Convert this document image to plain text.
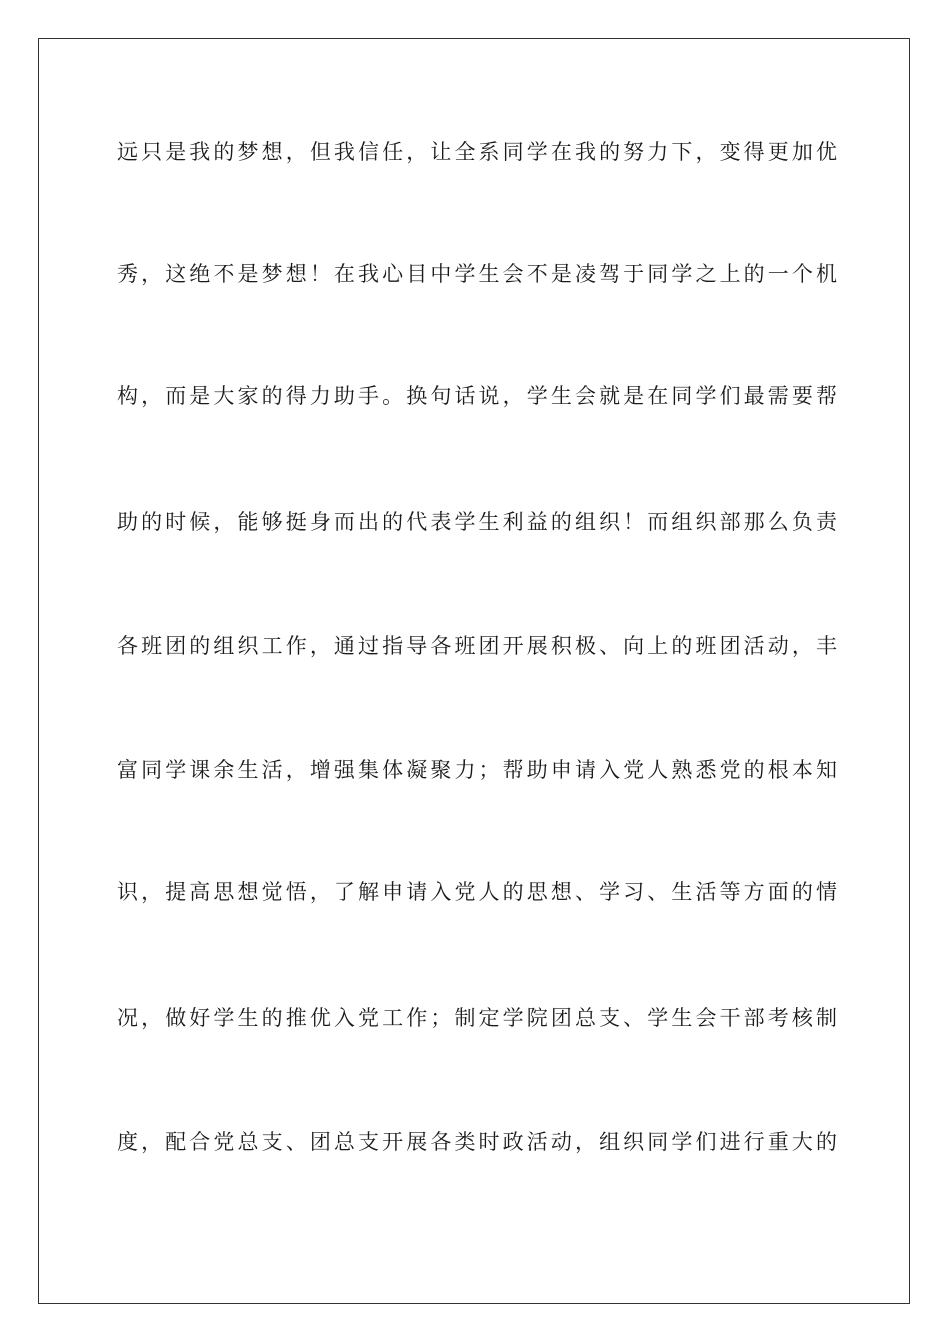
远只是我的梦想，但我信任，让全系同学在我的努力下，变得更加优
秀，这绝不是梦想！在我心目中学生会不是凌驾于同学之上的一个机
构，而是大家的得力助手。换句话说，学生会就是在同学们最需要帮
助的时候，能够挺身而出的代表学生利益的组织！而组织部那么负责
各班团的组织工作，通过指导各班团开展积极、向上的班团活动，丰
富同学课余生活，增强集体凝聚力；帮助申请入党人熟悉党的根本知
识，提高思想觉悟，了解申请入党人的思想、学习、生活等方面的情
况，做好学生的推优入党工作；制定学院团总支、学生会干部考核制
度，配合党总支、团总支开展各类时政活动，组织同学们进行重大的
